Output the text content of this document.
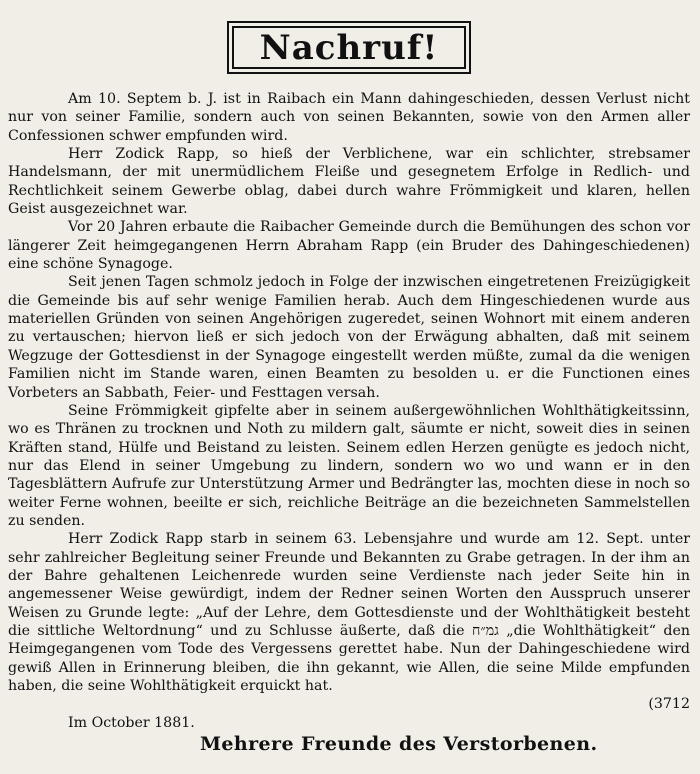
Nachruf!

Am 10. Septem b. J. ist in Raibach ein Mann dahingeschieden, dessen Verlust nicht nur von seiner Familie, sondern auch von seinen Bekannten, sowie von den Armen aller Confessionen schwer empfunden wird.

Herr Zodick Rapp, so hieß der Verblichene, war ein schlichter, strebsamer Handelsmann, der mit unermüdlichem Fleiße und gesegnetem Erfolge in Redlich- und Rechtlichkeit seinem Gewerbe oblag, dabei durch wahre Frömmigkeit und klaren, hellen Geist ausgezeichnet war.

Vor 20 Jahren erbaute die Raibacher Gemeinde durch die Bemühungen des schon vor längerer Zeit heimgegangenen Herrn Abraham Rapp (ein Bruder des Dahingeschiedenen) eine schöne Synagoge.

Seit jenen Tagen schmolz jedoch in Folge der inzwischen eingetretenen Freizügigkeit die Gemeinde bis auf sehr wenige Familien herab. Auch dem Hingeschiedenen wurde aus materiellen Gründen von seinen Angehörigen zugeredet, seinen Wohnort mit einem anderen zu vertauschen; hiervon ließ er sich jedoch von der Erwägung abhalten, daß mit seinem Wegzuge der Gottesdienst in der Synagoge eingestellt werden müßte, zumal da die wenigen Familien nicht im Stande waren, einen Beamten zu besolden u. er die Functionen eines Vorbeters an Sabbath, Feier- und Festtagen versah.

Seine Frömmigkeit gipfelte aber in seinem außergewöhnlichen Wohlthätigkeitssinn, wo es Thränen zu trocknen und Noth zu mildern galt, säumte er nicht, soweit dies in seinen Kräften stand, Hülfe und Beistand zu leisten. Seinem edlen Herzen genügte es jedoch nicht, nur das Elend in seiner Umgebung zu lindern, sondern wo wo und wann er in den Tagesblättern Aufrufe zur Unterstützung Armer und Bedrängter las, mochten diese in noch so weiter Ferne wohnen, beeilte er sich, reichliche Beiträge an die bezeichneten Sammelstellen zu senden.

Herr Zodick Rapp starb in seinem 63. Lebensjahre und wurde am 12. Sept. unter sehr zahlreicher Begleitung seiner Freunde und Bekannten zu Grabe getragen. In der ihm an der Bahre gehaltenen Leichenrede wurden seine Verdienste nach jeder Seite hin in angemessener Weise gewürdigt, indem der Redner seinen Worten den Ausspruch unserer Weisen zu Grunde legte: „Auf der Lehre, dem Gottesdienste und der Wohlthätigkeit besteht die sittliche Weltordnung“ und zu Schlusse äußerte, daß die גמ״ח „die Wohlthätigkeit“ den Heimgegangenen vom Tode des Vergessens gerettet habe. Nun der Dahingeschiedene wird gewiß Allen in Erinnerung bleiben, die ihn gekannt, wie Allen, die seine Milde empfunden haben, die seine Wohlthätigkeit erquickt hat.

(3712

Im October 1881.

Mehrere Freunde des Verstorbenen.
